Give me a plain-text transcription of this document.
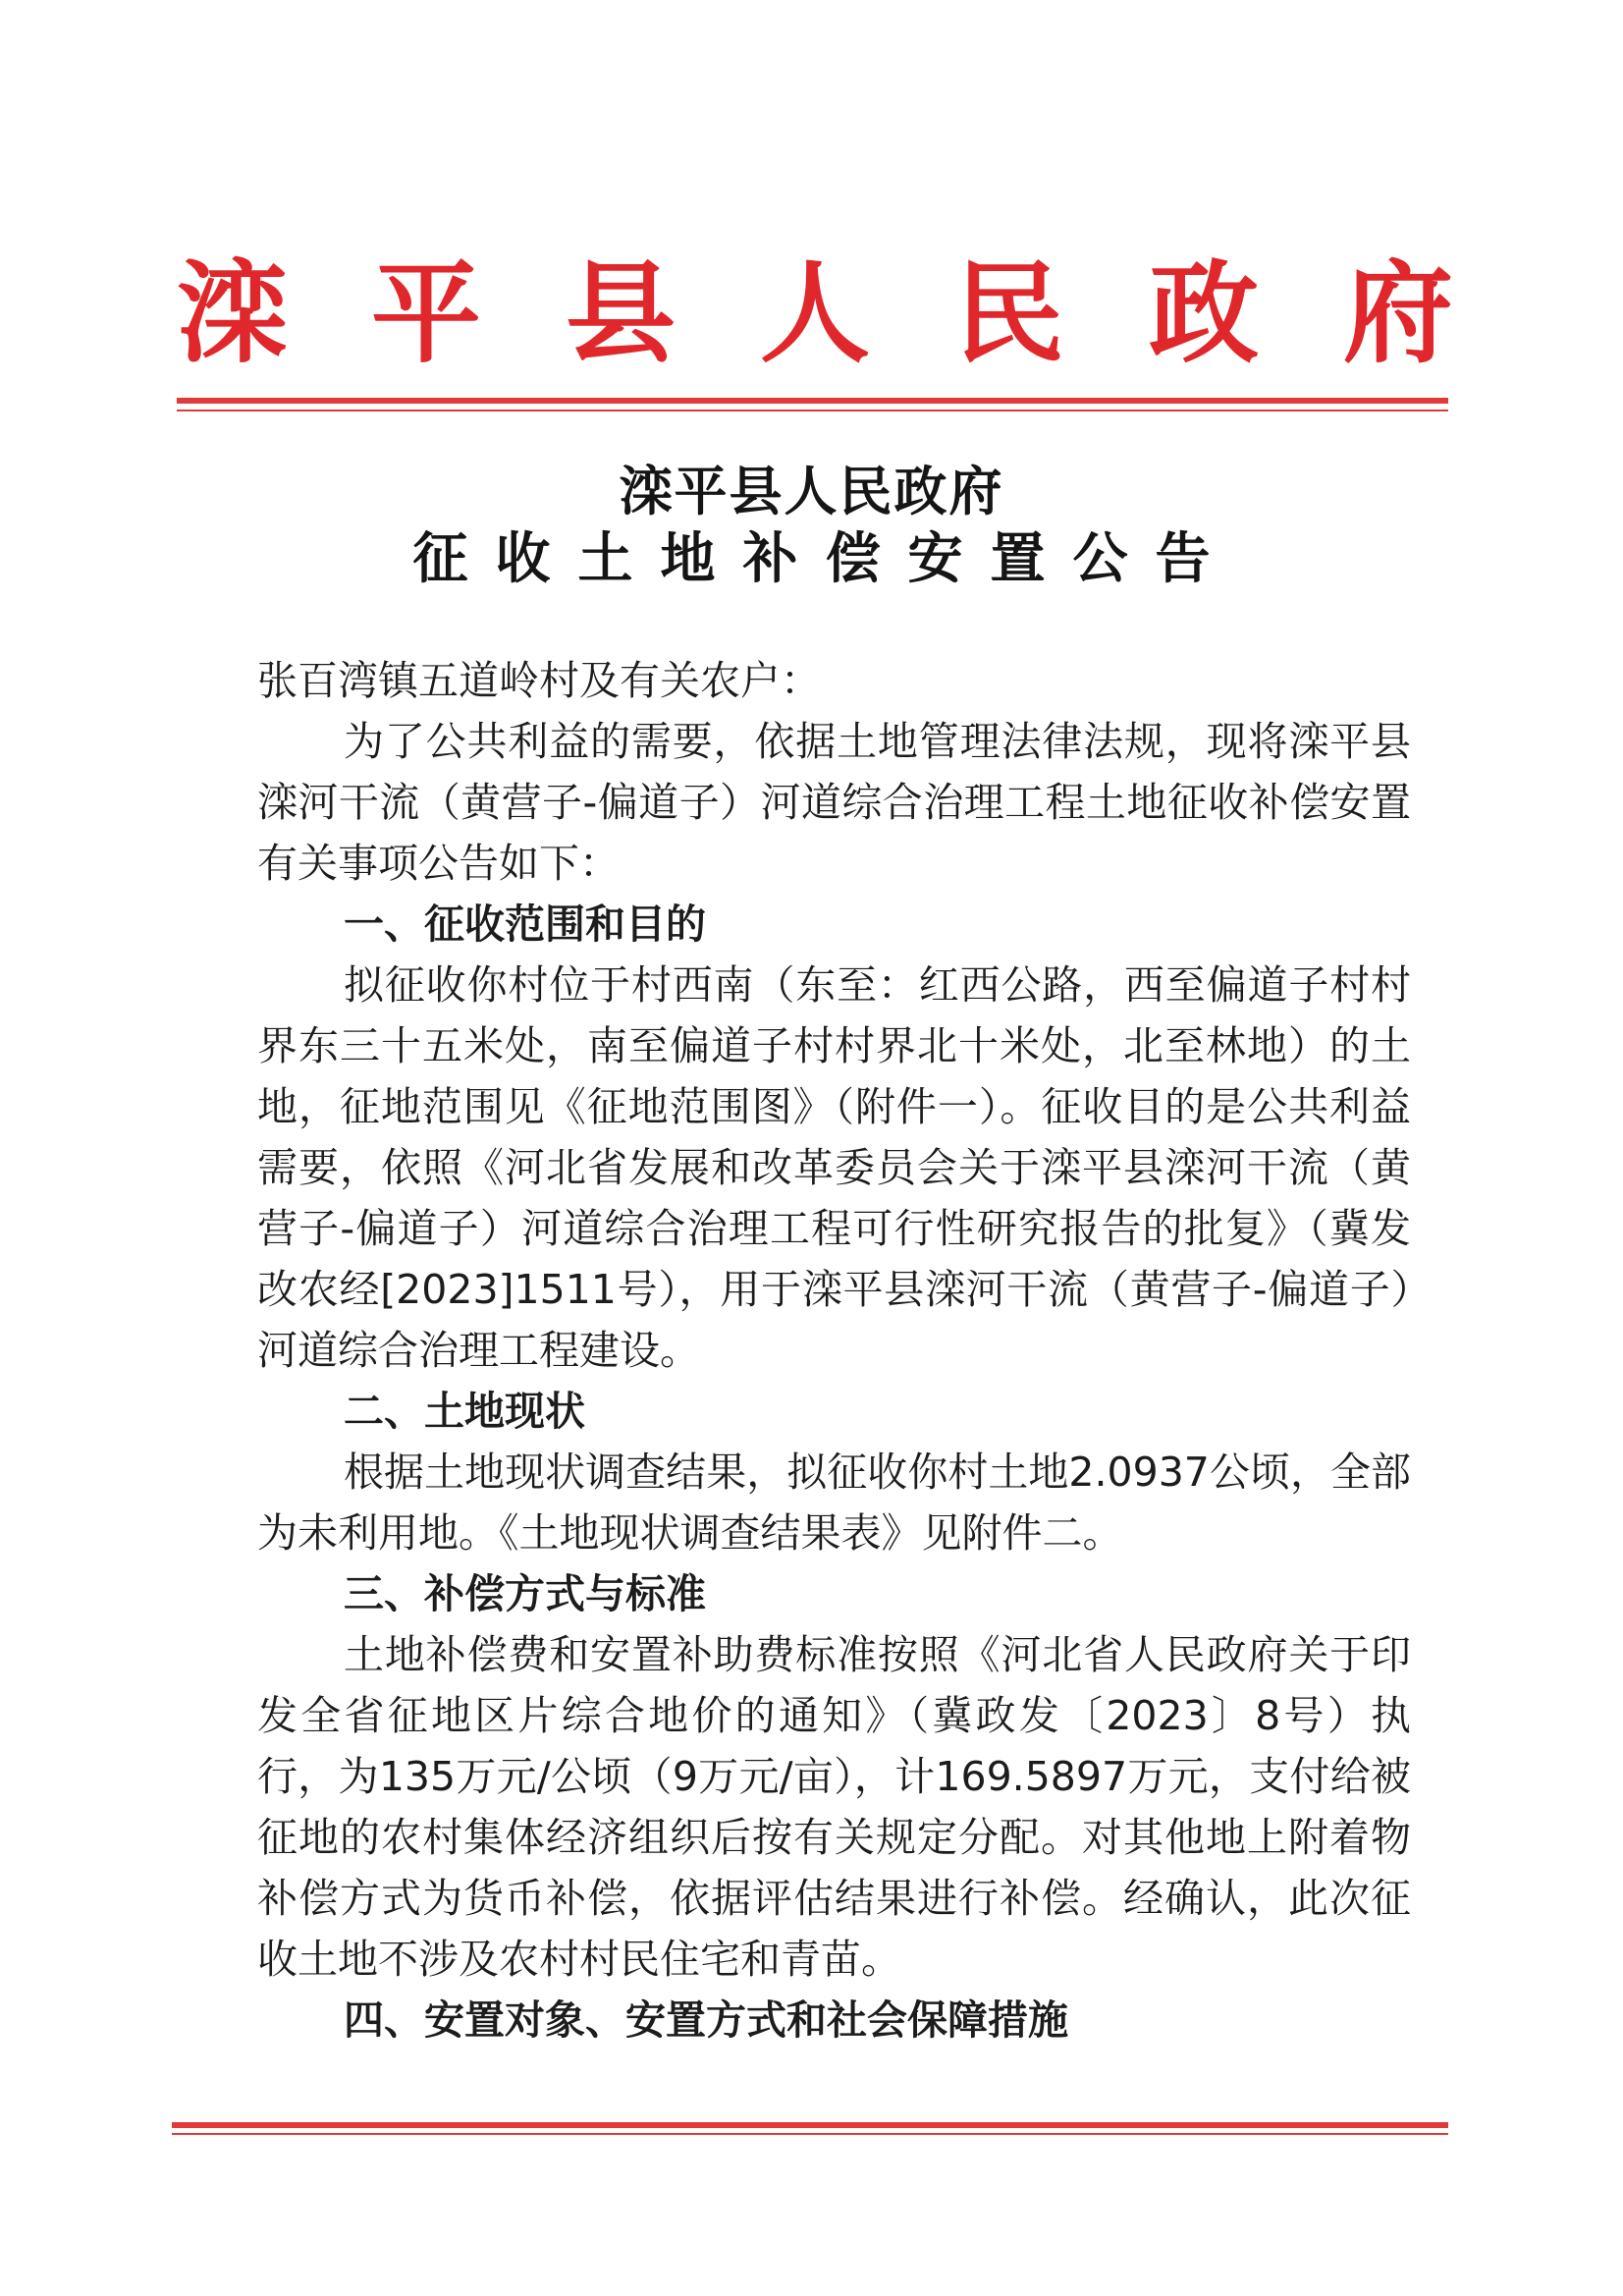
滦 平 县 人 民 政 府
滦平县人民政府
征收土地补偿安置公告

张百湾镇五道岭村及有关农户：

为了公共利益的需要，依据土地管理法律法规，现将滦平县滦河干流（黄营子-偏道子）河道综合治理工程土地征收补偿安置有关事项公告如下：

一、征收范围和目的

拟征收你村位于村西南（东至：红西公路，西至偏道子村村界东三十五米处，南至偏道子村村界北十米处，北至林地）的土地，征地范围见《征地范围图》（附件一）。征收目的是公共利益需要，依照《河北省发展和改革委员会关于滦平县滦河干流（黄营子-偏道子）河道综合治理工程可行性研究报告的批复》（冀发改农经[2023]1511号），用于滦平县滦河干流（黄营子-偏道子）河道综合治理工程建设。

二、土地现状

根据土地现状调查结果，拟征收你村土地2.0937公顷，全部为未利用地。《土地现状调查结果表》见附件二。

三、补偿方式与标准

土地补偿费和安置补助费标准按照《河北省人民政府关于印发全省征地区片综合地价的通知》（冀政发〔2023〕8号）执行，为135万元/公顷（9万元/亩），计169.5897万元，支付给被征地的农村集体经济组织后按有关规定分配。对其他地上附着物补偿方式为货币补偿，依据评估结果进行补偿。经确认，此次征收土地不涉及农村村民住宅和青苗。

四、安置对象、安置方式和社会保障措施
